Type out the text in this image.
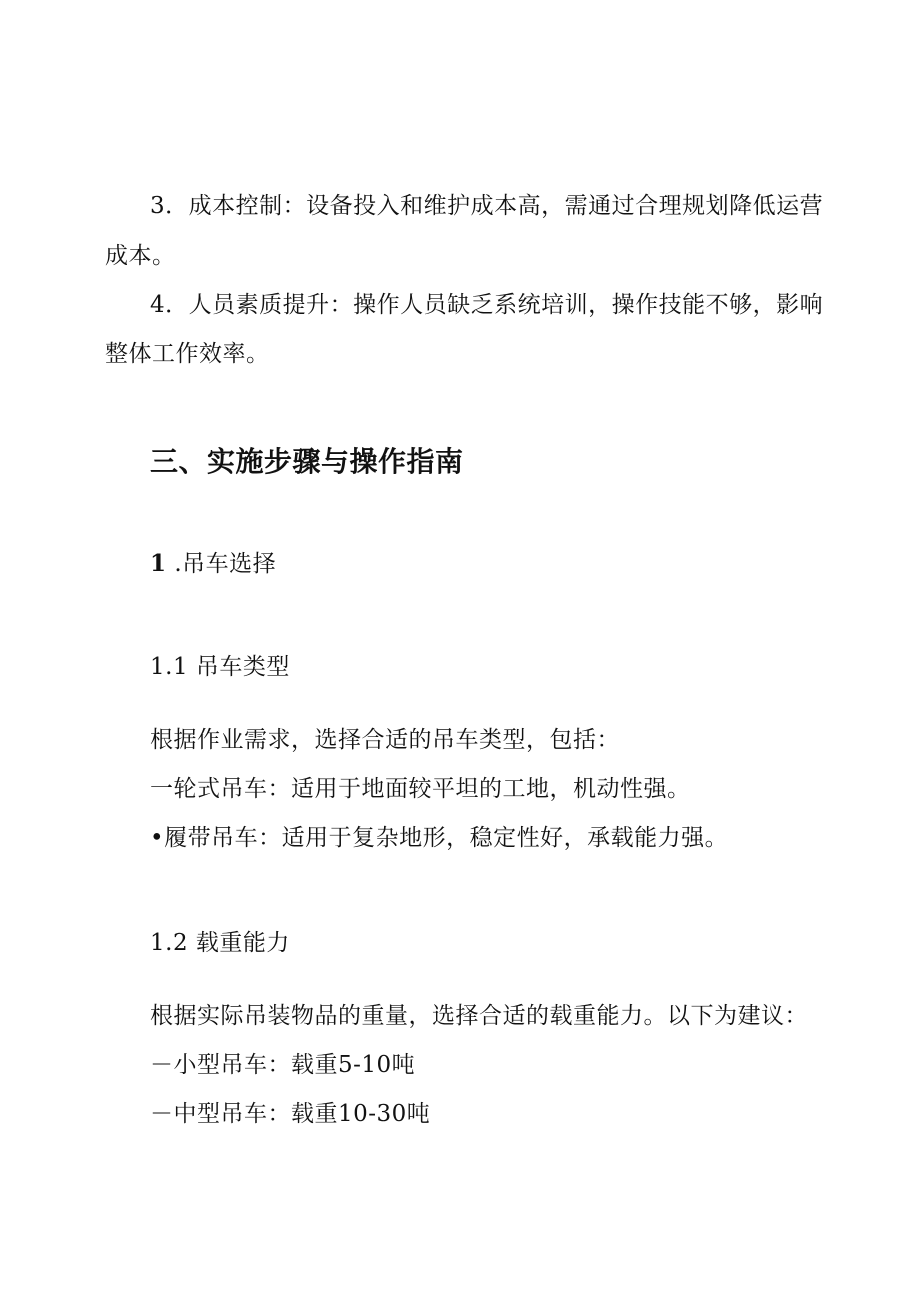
3．成本控制：设备投入和维护成本高，需通过合理规划降低运营

成本。

4．人员素质提升：操作人员缺乏系统培训，操作技能不够，影响

整体工作效率。

三、实施步骤与操作指南

1 .吊车选择

1.1 吊车类型

根据作业需求，选择合适的吊车类型，包括：

一轮式吊车：适用于地面较平坦的工地，机动性强。

•履带吊车：适用于复杂地形，稳定性好，承载能力强。

1.2 载重能力

根据实际吊装物品的重量，选择合适的载重能力。以下为建议：

－小型吊车：载重5-10吨

－中型吊车：载重10-30吨
